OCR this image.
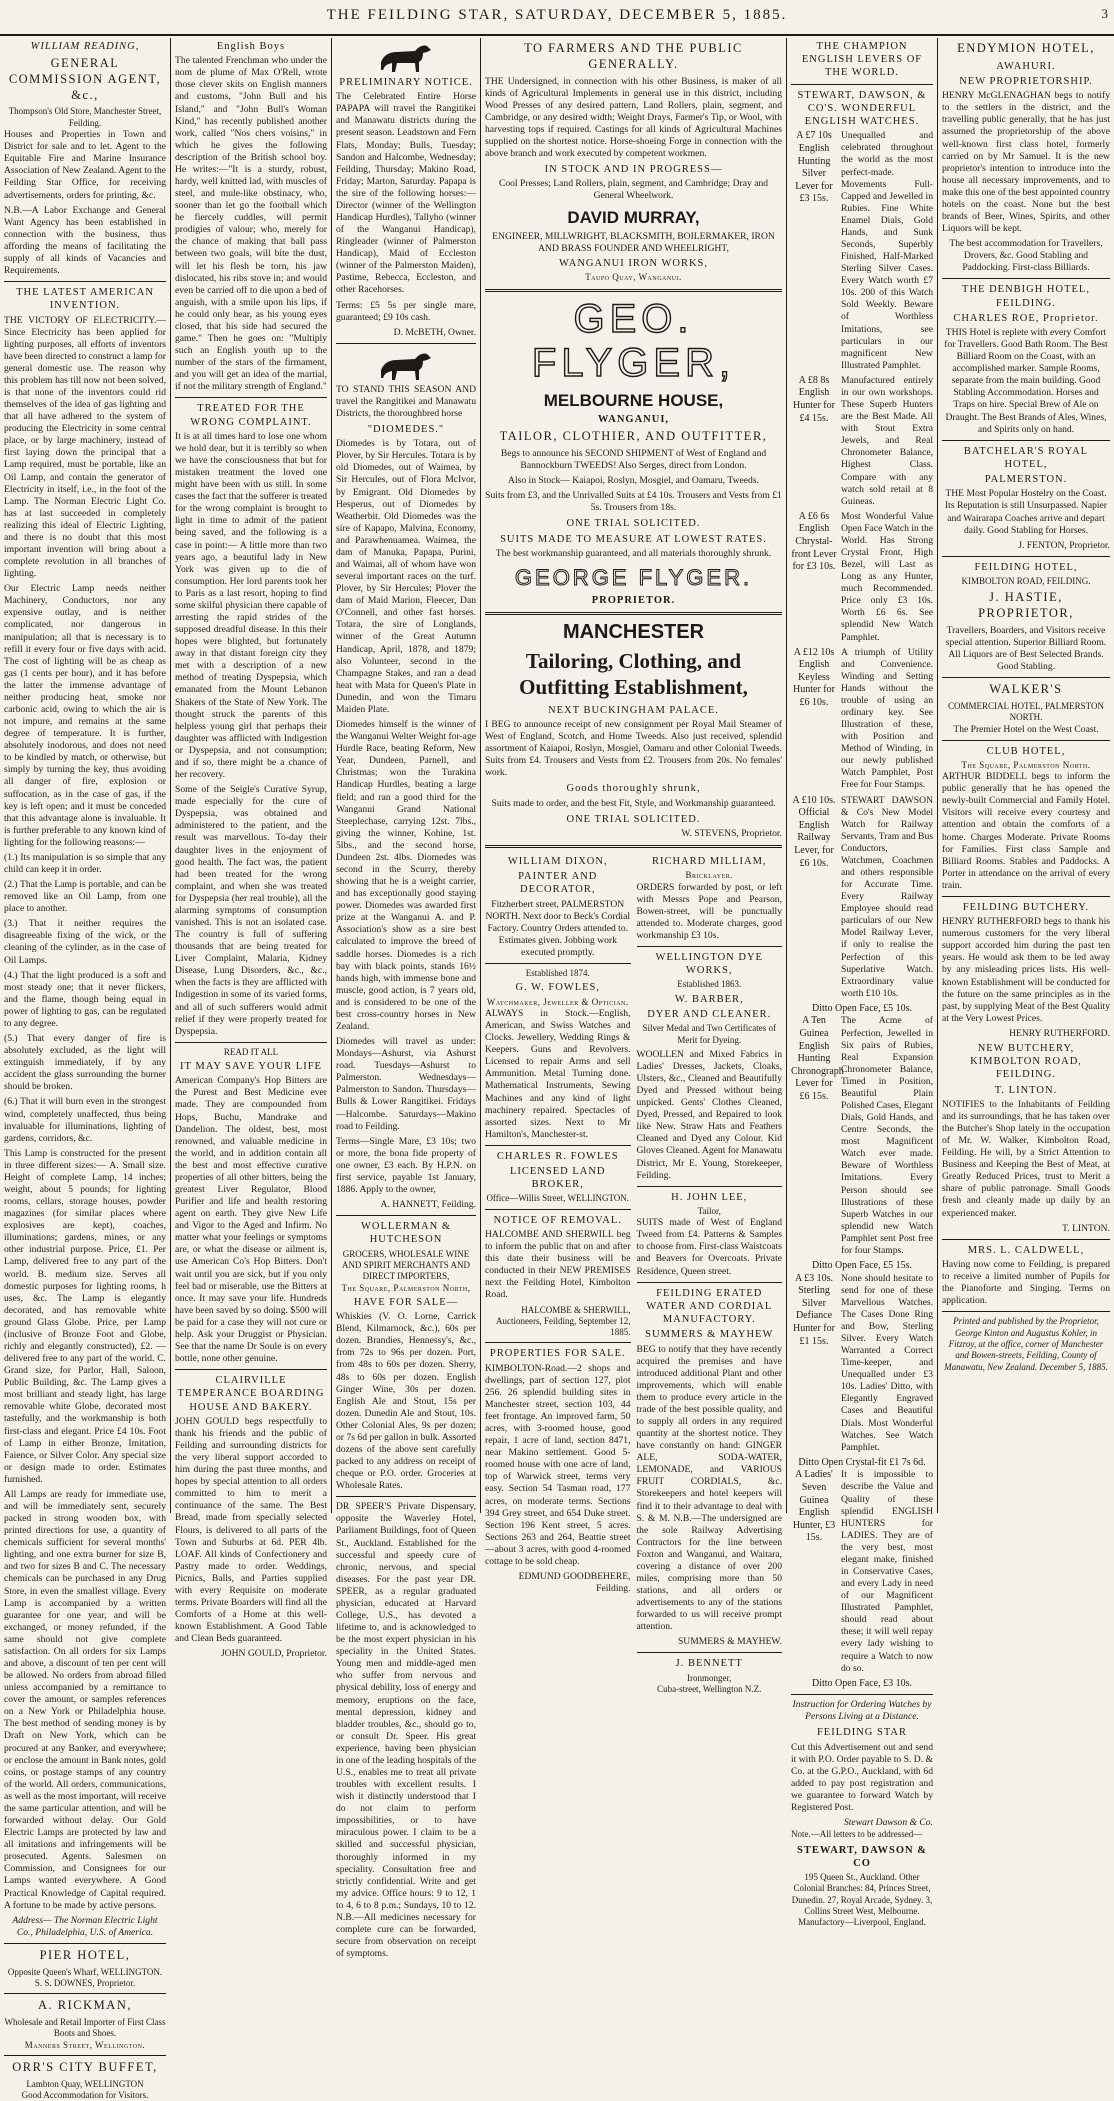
THE FEILDING STAR, SATURDAY, DECEMBER 5, 1885.	3
WILLIAM READING,
GENERAL COMMISSION AGENT, &c.,
Thompson's Old Store, Manchester Street, Feilding.

Houses and Properties in Town and District for sale and to let. Agent to the Equitable Fire and Marine Insurance Association of New Zealand. Agent to the Feilding Star Office, for receiving advertisements, orders for printing, &c.

N.B.—A Labor Exchange and General Want Agency has been established in connection with the business, thus affording the means of facilitating the supply of all kinds of Vacancies and Requirements.

THE LATEST AMERICAN INVENTION.

THE VICTORY OF ELECTRICITY.—Since Electricity has been applied for lighting purposes, all efforts of inventors have been directed to construct a lamp for general domestic use. The reason why this problem has till now not been solved, is that none of the inventors could rid themselves of the idea of gas lighting and that all have adhered to the system of producing the Electricity in some central place, or by large machinery, instead of first laying down the principal that a Lamp required, must be portable, like an Oil Lamp, and contain the generator of Electricity in itself, i.e., in the foot of the Lamp. The Norman Electric Light Co. has at last succeeded in completely realizing this ideal of Electric Lighting, and there is no doubt that this most important invention will bring about a complete revolution in all branches of lighting.

Our Electric Lamp needs neither Machinery, Conductors, nor any expensive outlay, and is neither complicated, nor dangerous in manipulation; all that is necessary is to refill it every four or five days with acid. The cost of lighting will be as cheap as gas (1 cents per hour), and it has before the latter the immense advantage of neither producing heat, smoke nor carbonic acid, owing to which the air is not impure, and remains at the same degree of temperature. It is further, absolutely inodorous, and does not need to be kindled by match, or otherwise, but simply by turning the key, thus avoiding all danger of fire, explosion or suffocation, as in the case of gas, if the key is left open; and it must be conceded that this advantage alone is invaluable. It is further preferable to any known kind of lighting for the following reasons:—

(1.) Its manipulation is so simple that any child can keep it in order.

(2.) That the Lamp is portable, and can be removed like an Oil Lamp, from one place to another.

(3.) That it neither requires the disagreeable fixing of the wick, or the cleaning of the cylinder, as in the case of Oil Lamps.

(4.) That the light produced is a soft and most steady one; that it never flickers, and the flame, though being equal in power of lighting to gas, can be regulated to any degree.

(5.) That every danger of fire is absolutely excluded, as the light will extinguish immediately, if by any accident the glass surrounding the burner should be broken.

(6.) That it will burn even in the strongest wind, completely unaffected, thus being invaluable for illuminations, lighting of gardens, corridors, &c.

This Lamp is constructed for the present in three different sizes:— A. Small size. Height of complete Lamp, 14 inches; weight, about 5 pounds; for lighting rooms, cellars, storage houses, powder magazines (for similar places where explosives are kept), coaches, illuminations; gardens, mines, or any other industrial purpose. Price, £1. Per Lamp, delivered free to any part of the world. B. medium size. Serves all domestic purposes for lighting rooms, h uses, &c. The Lamp is elegantly decorated, and has removable white ground Glass Globe. Price, per Lamp (inclusive of Bronze Foot and Globe, richly and elegantly constructed), £2. — delivered free to any part of the world. C. Grand size, for Parlor, Hall, Saloon, Public Building, &c. The Lamp gives a most brilliant and steady light, has large removable white Globe, decorated most tastefully, and the workmanship is both first-class and elegant. Price £4 10s. Foot of Lamp in either Bronze, Imitation, Faience, or Silver Color. Any special size or design made to order. Estimates furnished.

All Lamps are ready for immediate use, and will be immediately sent, securely packed in strong wooden box, with printed directions for use, a quantity of chemicals sufficient for several months' lighting, and one extra burner for size B, and two for sizes B and C. The necessary chemicals can be purchased in any Drug Store, in even the smallest village. Every Lamp is accompanied by a written guarantee for one year, and will be exchanged, or money refunded, if the same should not give complete satisfaction. On all orders for six Lamps and above, a discount of ten per cent will be allowed. No orders from abroad filled unless accompanied by a remittance to cover the amount, or samples references on a New York or Philadelphia house. The best method of sending money is by Draft on New York, which can be procured at any Banker, and everywhere; or enclose the amount in Bank notes, gold coins, or postage stamps of any country of the world. All orders, communications, as well as the most important, will receive the same particular attention, and will be forwarded without delay. Our Gold Electric Lamps are protected by law and all imitations and infringements will be prosecuted. Agents. Salesmen on Commission, and Consignees for our Lamps wanted everywhere. A Good Practical Knowledge of Capital required. A fortune to be made by active persons.

Address— The Norman Electric Light Co., Philadelphia, U.S. of America.

PIER HOTEL,
Opposite Queen's Wharf, WELLINGTON.
S. S. DOWNES, Proprietor.
A. RICKMAN,
Wholesale and Retail Importer of First Class Boots and Shoes.
Manners Street, Wellington.
ORR'S CITY BUFFET,
Lambton Quay, WELLINGTON
Good Accommodation for Visitors.
English Boys

The talented Frenchman who under the nom de plume of Max O'Rell, wrote those clever skits on English manners and customs, "John Bull and his Island," and "John Bull's Woman Kind," has recently published another work, called "Nos chers voisins," in which he gives the following description of the British school boy. He writes:—"It is a sturdy, robust, hardy, well knitted lad, with muscles of steel, and mule-like obstinacy, who, sooner than let go the football which he fiercely cuddles, will permit prodigies of valour; who, merely for the chance of making that ball pass between two goals, will bite the dust, will let his flesh be torn, his jaw dislocated, his ribs stove in; and would even be carried off to die upon a bed of anguish, with a smile upon his lips, if he could only hear, as his young eyes closed, that his side had secured the game." Then he goes on: "Multiply such an English youth up to the number of the stars of the firmament, and you will get an idea of the martial, if not the military strength of England."

TREATED FOR THE WRONG COMPLAINT.

It is at all times hard to lose one whom we hold dear, but it is terribly so when we have the consciousness that but for mistaken treatment the loved one might have been with us still. In some cases the fact that the sufferer is treated for the wrong complaint is brought to light in time to admit of the patient being saved, and the following is a case in point:— A little more than two years ago, a beautiful lady in New York was given up to die of consumption. Her lord parents took her to Paris as a last resort, hoping to find some skilful physician there capable of arresting the rapid strides of the supposed dreadful disease. In this their hopes were blighted, but fortunately away in that distant foreign city they met with a description of a new method of treating Dyspepsia, which emanated from the Mount Lebanon Shakers of the State of New York. The thought struck the parents of this helpless young girl that perhaps their daughter was afflicted with Indigestion or Dyspepsia, and not consumption; and if so, there might be a chance of her recovery.

Some of the Seigle's Curative Syrup, made especially for the cure of Dyspepsia, was obtained and administered to the patient, and the result was marvellous. To-day their daughter lives in the enjoyment of good health. The fact was, the patient had been treated for the wrong complaint, and when she was treated for Dyspepsia (her real trouble), all the alarming symptoms of consumption vanished. This is not an isolated case. The country is full of suffering thousands that are being treated for Liver Complaint, Malaria, Kidney Disease, Lung Disorders, &c., &c., when the facts is they are afflicted with Indigestion in some of its varied forms, and all of such sufferers would admit relief if they were properly treated for Dyspepsia.

READ IT ALL
IT MAY SAVE YOUR LIFE

American Company's Hop Bitters are the Purest and Best Medicine ever made. They are compounded from Hops, Buchu, Mandrake and Dandelion. The oldest, best, most renowned, and valuable medicine in the world, and in addition contain all the best and most effective curative properties of all other bitters, being the greatest Liver Regulator, Blood Purifier and life and health restoring agent on earth. They give New Life and Vigor to the Aged and Infirm. No matter what your feelings or symptoms are, or what the disease or ailment is, use American Co's Hop Bitters. Don't wait until you are sick, but if you only feel bad or miserable, use the Bitters at once. It may save your life. Hundreds have been saved by so doing. $500 will be paid for a case they will not cure or help. Ask your Druggist or Physician. See that the name Dr Soule is on every bottle, none other genuine.

CLAIRVILLE TEMPERANCE BOARDING HOUSE AND BAKERY.

JOHN GOULD begs respectfully to thank his friends and the public of Feilding and surrounding districts for the very liberal support accorded to him during the past three months, and hopes by special attention to all orders committed to him to merit a continuance of the same. The Best Bread, made from specially selected Flours, is delivered to all parts of the Town and Suburbs at 6d. PER 4lb. LOAF. All kinds of Confectionery and Pastry made to order. Weddings, Picnics, Balls, and Parties supplied with every Requisite on moderate terms. Private Boarders will find all the Comforts of a Home at this well-known Establishment. A Good Table and Clean Beds guaranteed.

JOHN GOULD, Proprietor.
PRELIMINARY NOTICE.

The Celebrated Entire Horse PAPAPA will travel the Rangitikei and Manawatu districts during the present season. Leadstown and Fern Flats, Monday; Bulls, Tuesday; Sandon and Halcombe, Wednesday; Feilding, Thursday; Makino Road, Friday; Marton, Saturday. Papapa is the sire of the following horses:—Director (winner of the Wellington Handicap Hurdles), Tallyho (winner of the Wanganui Handicap), Ringleader (winner of Palmerston Handicap), Maid of Eccleston (winner of the Palmerston Maiden), Pastime, Rebecca, Eccleston, and other Racehorses.

Terms: £5 5s per single mare, guaranteed; £9 10s cash.

D. McBETH, Owner.

TO STAND THIS SEASON AND travel the Rangitikei and Manawatu Districts, the thoroughbred horse

"DIOMEDES."

Diomedes is by Totara, out of Plover, by Sir Hercules. Totara is by old Diomedes, out of Waimea, by Sir Hercules, out of Flora McIvor, by Emigrant. Old Diomedes by Hesperus, out of Diomedes by Weatherbit. Old Diomedes was the sire of Kapapo, Malvina, Economy, and Parawhenuamea. Waimea, the dam of Manuka, Papapa, Purini, and Waimai, all of whom have won several important races on the turf. Plover, by Sir Hercules; Plover the dam of Maid Marion, Fleecer, Dan O'Connell, and other fast horses. Totara, the sire of Longlands, winner of the Great Autumn Handicap, April, 1878, and 1879; also Volunteer, second in the Champagne Stakes, and ran a dead heat with Mata for Queen's Plate in Dunedin, and won the Timaru Maiden Plate.

Diomedes himself is the winner of the Wanganui Welter Weight for-age Hurdle Race, beating Reform, New Year, Dundeen, Parnell, and Christmas; won the Turakina Handicap Hurdles, beating a large field; and ran a good third for the Wanganui Grand National Steeplechase, carrying 12st. 7lbs., giving the winner, Kohine, 1st. 5lbs., and the second horse, Dundeen 2st. 4lbs. Diomedes was second in the Scurry, thereby showing that he is a weight carrier, and has exceptionally good staying power. Diomedes was awarded first prize at the Wanganui A. and P. Association's show as a sire best calculated to improve the breed of saddle horses. Diomedes is a rich bay with black points, stands 16½ hands high, with immense bone and muscle, good action, is 7 years old, and is considered to be one of the best cross-country horses in New Zealand.

Diomedes will travel as under: Mondays—Ashurst, via Ashurst road. Tuesdays—Ashurst to Palmerston. Wednesdays—Palmerston to Sandon. Thursdays—Bulls & Lower Rangitikei. Fridays—Halcombe. Saturdays—Makino road to Feilding.

Terms—Single Mare, £3 10s; two or more, the bona fide property of one owner, £3 each. By H.P.N. on first service, payable 1st January, 1886. Apply to the owner,

A. HANNETT, Feilding.
WOLLERMAN & HUTCHESON
GROCERS, WHOLESALE WINE AND SPIRIT MERCHANTS AND DIRECT IMPORTERS,
The Square, Palmerston North,
HAVE FOR SALE—

Whiskies (V. O. Lorne, Carrick Blend, Kilmarnock, &c.), 60s per dozen. Brandies, Hennessy's, &c., from 72s to 96s per dozen. Port, from 48s to 60s per dozen. Sherry, 48s to 60s per dozen. English Ginger Wine, 30s per dozen. English Ale and Stout, 15s per dozen. Dunedin Ale and Stout, 10s. Other Colonial Ales, 9s per dozen; or 7s 6d per gallon in bulk. Assorted dozens of the above sent carefully packed to any address on receipt of cheque or P.O. order. Groceries at Wholesale Rates.

DR SPEER'S Private Dispensary, opposite the Waverley Hotel, Parliament Buildings, foot of Queen St., Auckland. Established for the successful and speedy cure of chronic, nervous, and special diseases. For the past year DR. SPEER, as a regular graduated physician, educated at Harvard College, U.S., has devoted a lifetime to, and is acknowledged to be the most expert physician in his speciality in the United States. Young men and middle-aged men who suffer from nervous and physical debility, loss of energy and memory, eruptions on the face, mental depression, kidney and bladder troubles, &c., should go to, or consult Dr. Speer. His great experience, having been physician in one of the leading hospitals of the U.S., enables me to treat all private troubles with excellent results. I wish it distinctly understood that I do not claim to perform impossibilities, or to have miraculous power. I claim to be a skilled and successful physician, thoroughly informed in my speciality. Consultation free and strictly confidential. Write and get my advice. Office hours: 9 to 12, 1 to 4, 6 to 8 p.m.; Sundays, 10 to 12. N.B.—All medicines necessary for complete cure can be forwarded, secure from observation on receipt of symptoms.

TO FARMERS AND THE PUBLIC GENERALLY.

THE Undersigned, in connection with his other Business, is maker of all kinds of Agricultural Implements in general use in this district, including Wood Presses of any desired pattern, Land Rollers, plain, segment, and Cambridge, or any desired width; Weight Drays, Farmer's Tip, or Wool, with harvesting tops if required. Castings for all kinds of Agricultural Machines supplied on the shortest notice. Horse-shoeing Forge in connection with the above branch and work executed by competent workmen.

IN STOCK AND IN PROGRESS—

Cool Presses; Land Rollers, plain, segment, and Cambridge; Dray and General Wheelwork.

DAVID MURRAY,
ENGINEER, MILLWRIGHT, BLACKSMITH, BOILERMAKER, IRON AND BRASS FOUNDER AND WHEELRIGHT,
WANGANUI IRON WORKS,
Taupo Quay, Wanganui.
GEO. FLYGER,
MELBOURNE HOUSE,
WANGANUI,
TAILOR, CLOTHIER, AND OUTFITTER,

Begs to announce his SECOND SHIPMENT of West of England and Bannockburn TWEEDS! Also Serges, direct from London.

Also in Stock— Kaiapoi, Roslyn, Mosgiel, and Oamaru, Tweeds.

Suits from £3, and the Unrivalled Suits at £4 10s. Trousers and Vests from £1 5s. Trousers from 18s.

ONE TRIAL SOLICITED.
SUITS MADE TO MEASURE AT LOWEST RATES.

The best workmanship guaranteed, and all materials thoroughly shrunk.

GEORGE FLYGER.
PROPRIETOR.
MANCHESTER
Tailoring, Clothing, and Outfitting Establishment,
NEXT BUCKINGHAM PALACE.

I BEG to announce receipt of new consignment per Royal Mail Steamer of West of England, Scotch, and Home Tweeds. Also just received, splendid assortment of Kaiapoi, Roslyn, Mosgiel, Oamaru and other Colonial Tweeds. Suits from £4. Trousers and Vests from £2. Trousers from 20s. No females' work.

Goods thoroughly shrunk,

Suits made to order, and the best Fit, Style, and Workmanship guaranteed.

ONE TRIAL SOLICITED.
W. STEVENS, Proprietor.
WILLIAM DIXON,
PAINTER AND DECORATOR,

Fitzherbert street, PALMERSTON NORTH. Next door to Beck's Cordial Factory. Country Orders attended to. Estimates given. Jobbing work executed promptly.

Established 1874.
G. W. FOWLES,
Watchmaker, Jeweller & Optician.

ALWAYS in Stock.—English, American, and Swiss Watches and Clocks. Jewellery, Wedding Rings & Keepers. Guns and Revolvers. Licensed to repair Arms and sell Ammunition. Metal Turning done. Mathematical Instruments, Sewing Machines and any kind of light machinery repaired. Spectacles of assorted sizes. Next to Mr Hamilton's, Manchester-st.

CHARLES R. FOWLES
LICENSED LAND BROKER,
Office—Willis Street, WELLINGTON.
NOTICE OF REMOVAL.

HALCOMBE AND SHERWILL beg to inform the public that on and after this date their business will be conducted in their NEW PREMISES next the Feilding Hotel, Kimbolton Road.

HALCOMBE & SHERWILL, Auctioneers, Feilding, September 12, 1885.

PROPERTIES FOR SALE.

KIMBOLTON-Road.—2 shops and dwellings, part of section 127, plot 256. 26 splendid building sites in Manchester street, section 103, 44 feet frontage. An improved farm, 50 acres, with 3-roomed house, good repair, 1 acre of land, section 8471, near Makino settlement. Good 5-roomed house with one acre of land, top of Warwick street, terms very easy. Section 54 Tasman road, 177 acres, on moderate terms. Sections 394 Grey street, and 654 Duke street. Section 196 Kent street, 5 acres. Sections 263 and 264, Beattie street—about 3 acres, with good 4-roomed cottage to be sold cheap.

EDMUND GOODBEHERE, Feilding.
RICHARD MILLIAM,
Bricklayer.

ORDERS forwarded by post, or left with Messrs Pope and Pearson, Bowen-street, will be punctually attended to. Moderate charges, good workmanship £3 10s.

WELLINGTON DYE WORKS,
Established 1863.
W. BARBER,
DYER AND CLEANER.

Silver Medal and Two Certificates of Merit for Dyeing.

WOOLLEN and Mixed Fabrics in Ladies' Dresses, Jackets, Cloaks, Ulsters, &c., Cleaned and Beautifully Dyed and Pressed without being unpicked. Gents' Clothes Cleaned, Dyed, Pressed, and Repaired to look like New. Straw Hats and Feathers Cleaned and Dyed any Colour. Kid Gloves Cleaned. Agent for Manawatu District, Mr E. Young, Storekeeper, Feilding.

H. JOHN LEE,
Tailor,

SUITS made of West of England Tweed from £4. Patterns & Samples to choose from. First-class Waistcoats and Beavers for Overcoats. Private Residence, Queen street.

FEILDING ERATED WATER AND CORDIAL MANUFACTORY.
SUMMERS & MAYHEW

BEG to notify that they have recently acquired the premises and have introduced additional Plant and other improvements, which will enable them to produce every article in the trade of the best possible quality, and to supply all orders in any required quantity at the shortest notice. They have constantly on hand: GINGER ALE, SODA-WATER, LEMONADE, and VARIOUS FRUIT CORDIALS, &c. Storekeepers and hotel keepers will find it to their advantage to deal with S. & M. N.B.—The undersigned are the sole Railway Advertising Contractors for the line between Foxton and Wanganui, and Waitara, covering a distance of over 200 miles, comprising more than 50 stations, and all orders or advertisements to any of the stations forwarded to us will receive prompt attention.

SUMMERS & MAYHEW.
J. BENNETT
Ironmonger,
Cuba-street, Wellington N.Z.
THE CHAMPION ENGLISH LEVERS OF THE WORLD.
STEWART, DAWSON, & CO'S. WONDERFUL ENGLISH WATCHES.
A £7 10s English Hunting Silver Lever for £3 15s.

Unequalled and celebrated throughout the world as the most perfect-made. Movements Full-Capped and Jewelled in Rubies. Fine White Enamel Dials, Gold Hands, and Sunk Seconds, Superbly Finished, Half-Marked Sterling Silver Cases. Every Watch worth £7 10s. 200 of this Watch Sold Weekly. Beware of Worthless Imitations, see particulars in our magnificent New Illustrated Pamphlet.

A £8 8s English Hunter for £4 15s.

Manufactured entirely in our own workshops. These Superb Hunters are the Best Made. All with Stout Extra Jewels, and Real Chronometer Balance, Highest Class. Compare with any watch sold retail at 8 Guineas.

A £6 6s English Chrystal-front Lever for £3 10s.

Most Wonderful Value Open Face Watch in the World. Has Strong Crystal Front, High Bezel, will Last as Long as any Hunter, much Recommended. Price only £3 10s. Worth £6 6s. See splendid New Watch Pamphlet.

A £12 10s English Keyless Hunter for £6 10s.

A triumph of Utility and Convenience. Winding and Setting Hands without the trouble of using an ordinary key. See Illustration of these, with Position and Method of Winding, in our newly published Watch Pamphlet, Post Free for Four Stamps.

A £10 10s. Official English Railway Lever, for £6 10s.

STEWART DAWSON & Co's New Model Watch for Railway Servants, Tram and Bus Conductors, Watchmen, Coachmen and others responsible for Accurate Time. Every Railway Employee should read particulars of our New Model Railway Lever, if only to realise the Perfection of this Superlative Watch. Extraordinary value worth £10 10s.

Ditto Open Face, £5 10s.
A Ten Guinea English Hunting Chronograph Lever for £6 15s.

The Acme of Perfection, Jewelled in Six pairs of Rubies, Real Expansion Chronometer Balance, Timed in Position, Beautiful Plain Polished Cases, Elegant Dials, Gold Hands, and Centre Seconds, the most Magnificent Watch ever made. Beware of Worthless Imitations. Every Person should see Illustrations of these Superb Watches in our splendid new Watch Pamphlet sent Post free for four Stamps.

Ditto Open Face, £5 15s.
A £3 10s. Sterling Silver Defiance Hunter for £1 15s.

None should hesitate to send for one of these Marvellous Watches. The Cases Done Ring and Bow, Sterling Silver. Every Watch Warranted a Correct Time-keeper, and Unequalled under £3 10s. Ladies' Ditto, with Elegantly Engraved Cases and Beautiful Dials. Most Wonderful Watches. See Watch Pamphlet.

Ditto Open Crystal-fit £1 7s 6d.
A Ladies' Seven Guinea English Hunter, £3 15s.

It is impossible to describe the Value and Quality of these splendid ENGLISH HUNTERS for LADIES. They are of the very best, most elegant make, finished in Conservative Cases, and every Lady in need of our Magnificent Illustrated Pamphlet, should read about these; it will well repay every lady wishing to require a Watch to now do so.

Ditto Open Face, £3 10s.

Instruction for Ordering Watches by Persons Living at a Distance.

FEILDING STAR

Cut this Advertisement out and send it with P.O. Order payable to S. D. & Co. at the G.P.O., Auckland, with 6d added to pay post registration and we guarantee to forward Watch by Registered Post.

Stewart Dawson & Co.

Note.—All letters to be addressed—

STEWART, DAWSON & CO

195 Queen St., Auckland. Other Colonial Branches: 84, Princes Street, Dunedin. 27, Royal Arcade, Sydney. 3, Collins Street West, Melbourne. Manufactory—Liverpool, England.

ENDYMION HOTEL,
AWAHURI.
NEW PROPRIETORSHIP.

HENRY McGLENAGHAN begs to notify to the settlers in the district, and the travelling public generally, that he has just assumed the proprietorship of the above well-known first class hotel, formerly carried on by Mr Samuel. It is the new proprietor's intention to introduce into the house all necessary improvements, and to make this one of the best appointed country hotels on the coast. None but the best brands of Beer, Wines, Spirits, and other Liquors will be kept.

The best accommodation for Travellers, Drovers, &c. Good Stabling and Paddocking. First-class Billiards.

THE DENBIGH HOTEL, FEILDING.
CHARLES ROE, Proprietor.

THIS Hotel is replete with every Comfort for Travellers. Good Bath Room. The Best Billiard Room on the Coast, with an accomplished marker. Sample Rooms, separate from the main building. Good Stabling Accommodation. Horses and Traps on hire. Special Brew of Ale on Draught. The Best Brands of Ales, Wines, and Spirits only on hand.

BATCHELAR'S ROYAL HOTEL,
PALMERSTON.

THE Most Popular Hostelry on the Coast. Its Reputation is still Unsurpassed. Napier and Wairarapa Coaches arrive and depart daily. Good Stabling for Horses.

J. FENTON, Proprietor.
FEILDING HOTEL,
KIMBOLTON ROAD, FEILDING.
J. HASTIE, PROPRIETOR,

Travellers, Boarders, and Visitors receive special attention. Superior Billiard Room. All Liquors are of Best Selected Brands. Good Stabling.

WALKER'S
COMMERCIAL HOTEL, PALMERSTON NORTH.

The Premier Hotel on the West Coast.

CLUB HOTEL,
The Square, Palmerston North.

ARTHUR BIDDELL begs to inform the public generally that he has opened the newly-built Commercial and Family Hotel. Visitors will receive every courtesy and attention and obtain the comforts of a home. Charges Moderate. Private Rooms for Families. First class Sample and Billiard Rooms. Stables and Paddocks. A Porter in attendance on the arrival of every train.

FEILDING BUTCHERY.

HENRY RUTHERFORD begs to thank his numerous customers for the very liberal support accorded him during the past ten years. He would ask them to be led away by any misleading prices lists. His well-known Establishment will be conducted for the future on the same principles as in the past, by supplying Meat of the Best Quality at the Very Lowest Prices.

HENRY RUTHERFORD.
NEW BUTCHERY, KIMBOLTON ROAD, FEILDING.
T. LINTON.

NOTIFIES to the Inhabitants of Feilding and its surroundings, that he has taken over the Butcher's Shop lately in the occupation of Mr. W. Walker, Kimbolton Road, Feilding. He will, by a Strict Attention to Business and Keeping the Best of Meat, at Greatly Reduced Prices, trust to Merit a share of public patronage. Small Goods fresh and cleanly made up daily by an experienced maker.

T. LINTON.
MRS. L. CALDWELL,

Having now come to Feilding, is prepared to receive a limited number of Pupils for the Pianoforte and Singing. Terms on application.

Printed and published by the Proprietor, George Kinton and Augustus Kohler, in Fitzroy, at the office, corner of Manchester and Bowen-streets, Feilding, County of Manawatu, New Zealand. December 5, 1885.
